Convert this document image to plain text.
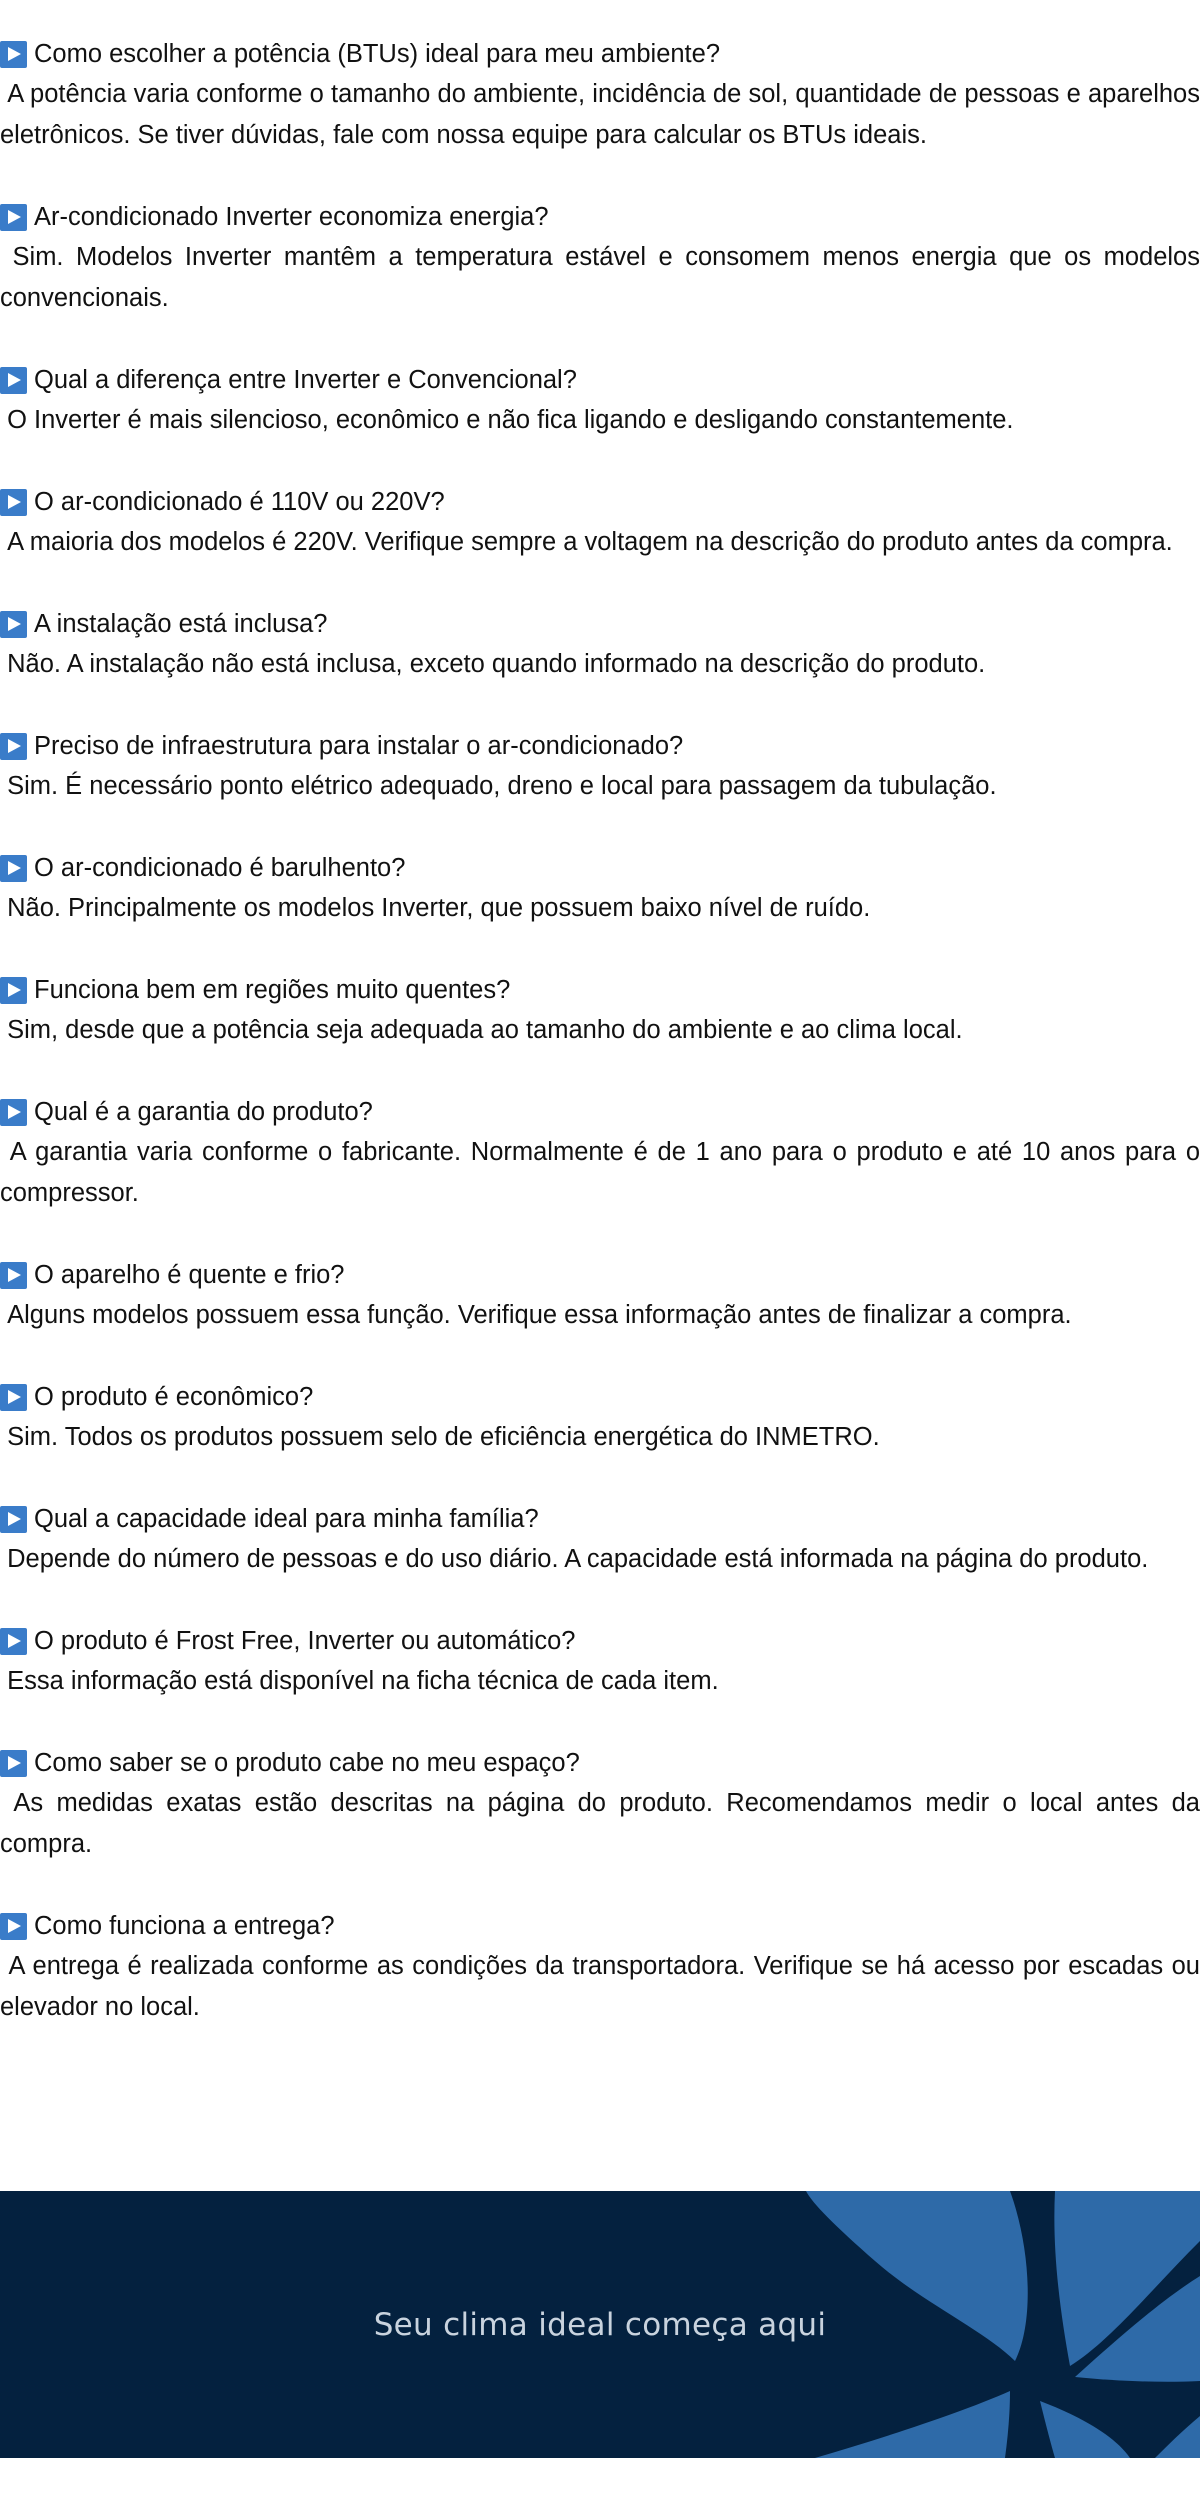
Como escolher a potência (BTUs) ideal para meu ambiente?
A potência varia conforme o tamanho do ambiente, incidência de sol, quantidade de pessoas e aparelhos eletrônicos. Se tiver dúvidas, fale com nossa equipe para calcular os BTUs ideais.
Ar-condicionado Inverter economiza energia?
Sim. Modelos Inverter mantêm a temperatura estável e consomem menos energia que os modelos convencionais.
Qual a diferença entre Inverter e Convencional?
O Inverter é mais silencioso, econômico e não fica ligando e desligando constantemente.
O ar-condicionado é 110V ou 220V?
A maioria dos modelos é 220V. Verifique sempre a voltagem na descrição do produto antes da compra.
A instalação está inclusa?
Não. A instalação não está inclusa, exceto quando informado na descrição do produto.
Preciso de infraestrutura para instalar o ar-condicionado?
Sim. É necessário ponto elétrico adequado, dreno e local para passagem da tubulação.
O ar-condicionado é barulhento?
Não. Principalmente os modelos Inverter, que possuem baixo nível de ruído.
Funciona bem em regiões muito quentes?
Sim, desde que a potência seja adequada ao tamanho do ambiente e ao clima local.
Qual é a garantia do produto?
A garantia varia conforme o fabricante. Normalmente é de 1 ano para o produto e até 10 anos para o compressor.
O aparelho é quente e frio?
Alguns modelos possuem essa função. Verifique essa informação antes de finalizar a compra.
O produto é econômico?
Sim. Todos os produtos possuem selo de eficiência energética do INMETRO.
Qual a capacidade ideal para minha família?
Depende do número de pessoas e do uso diário. A capacidade está informada na página do produto.
O produto é Frost Free, Inverter ou automático?
Essa informação está disponível na ficha técnica de cada item.
Como saber se o produto cabe no meu espaço?
As medidas exatas estão descritas na página do produto. Recomendamos medir o local antes da compra.
Como funciona a entrega?
A entrega é realizada conforme as condições da transportadora. Verifique se há acesso por escadas ou elevador no local.
Seu clima ideal começa aqui
